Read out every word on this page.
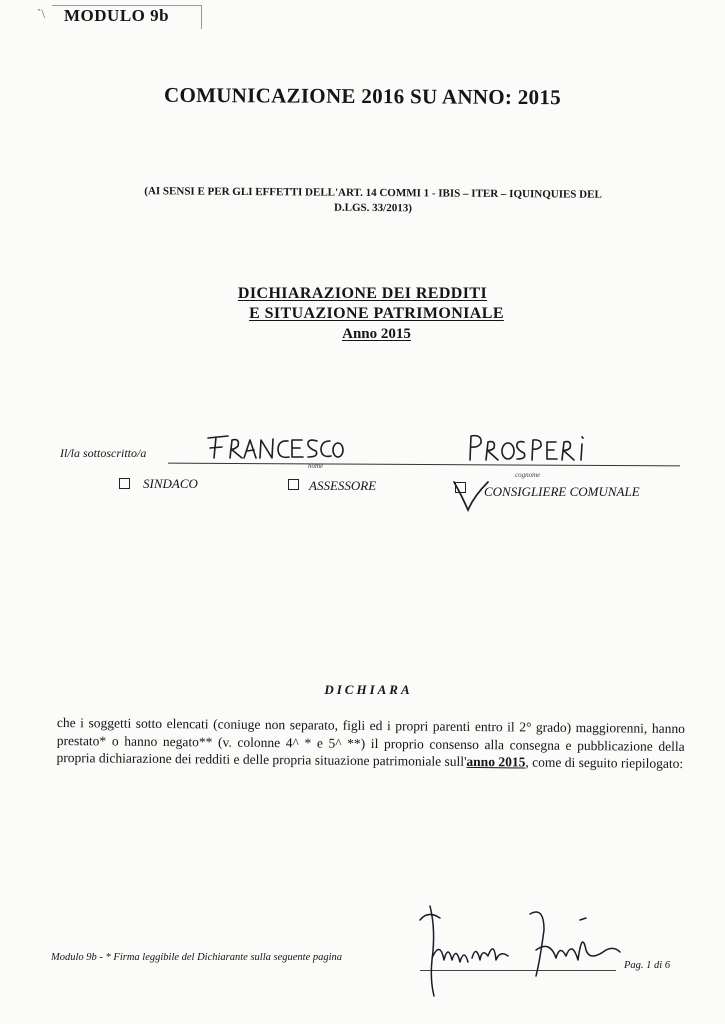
`\ MODULO 9b
COMUNICAZIONE 2016 SU ANNO: 2015
(AI SENSI E PER GLI EFFETTI DELL'ART. 14 COMMI 1 - IBIS – ITER – IQUINQUIES DEL
D.LGS. 33/2013)
DICHIARAZIONE DEI REDDITI
E SITUAZIONE PATRIMONIALE
Anno 2015
Il/la sottoscritto/a
nome
cognome
SINDACO	ASSESSORE	CONSIGLIERE COMUNALE
DICHIARA
che i soggetti sotto elencati (coniuge non separato, figli ed i propri parenti entro il 2° grado) maggiorenni, hanno prestato* o hanno negato** (v. colonne 4^ * e 5^ **) il proprio consenso alla consegna e pubblicazione della propria dichiarazione dei redditi e delle propria situazione patrimoniale sull'anno 2015, come di seguito riepilogato:
Modulo 9b - * Firma leggibile del Dichiarante sulla seguente pagina
Pag. 1 di 6
